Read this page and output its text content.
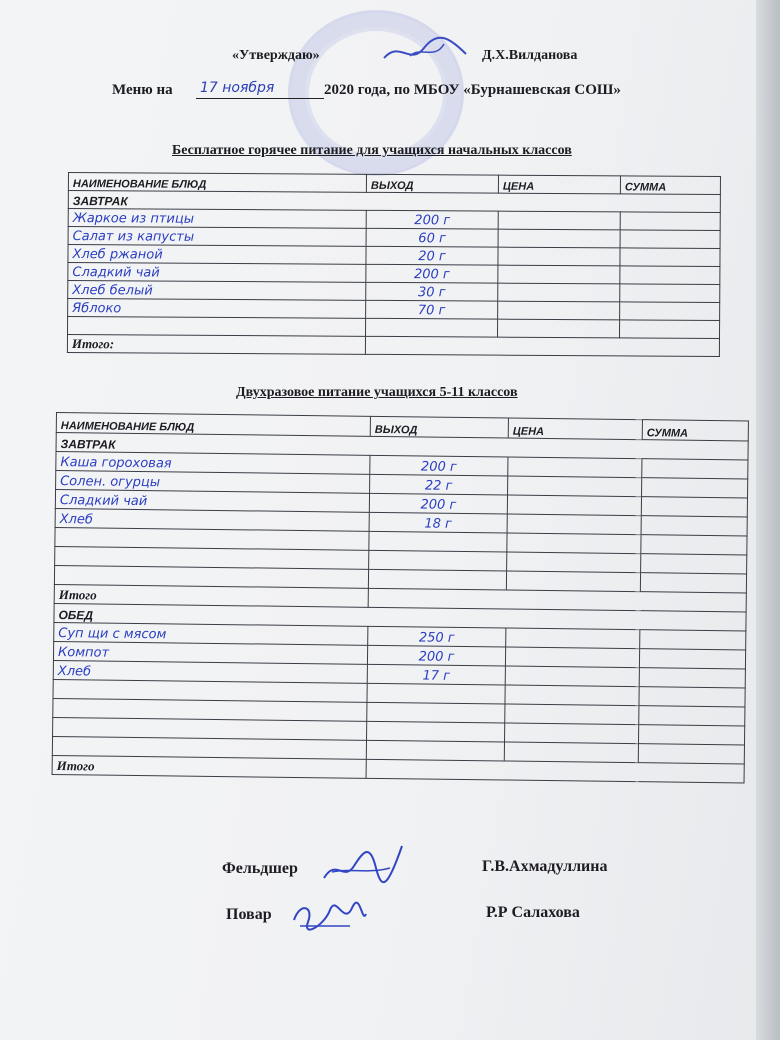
«Утверждаю»	Д.Х.Вилданова
Меню на 17 ноября	2020 года, по МБОУ «Бурнашевская СОШ»
Бесплатное горячее питание для учащихся начальных классов
НАИМЕНОВАНИЕ БЛЮД	ВЫХОД	ЦЕНА	СУММА
ЗАВТРАК			
Жаркое из птицы	200 г		
Салат из капусты	60 г		
Хлеб ржаной	20 г		
Сладкий чай	200 г		
Хлеб белый	30 г		
Яблоко	70 г		

Итого:			
Двухразовое питание учащихся 5-11 классов
НАИМЕНОВАНИЕ БЛЮД	ВЫХОД	ЦЕНА	СУММА
ЗАВТРАК			
Каша гороховая	200 г		
Солен. огурцы	22 г		
Сладкий чай	200 г		
Хлеб	18 г		

Итого			
ОБЕД			
Суп щи с мясом	250 г		
Компот	200 г		
Хлеб	17 г		

Итого			
Фельдшер	Г.В.Ахмадуллина
Повар	Р.Р Салахова
